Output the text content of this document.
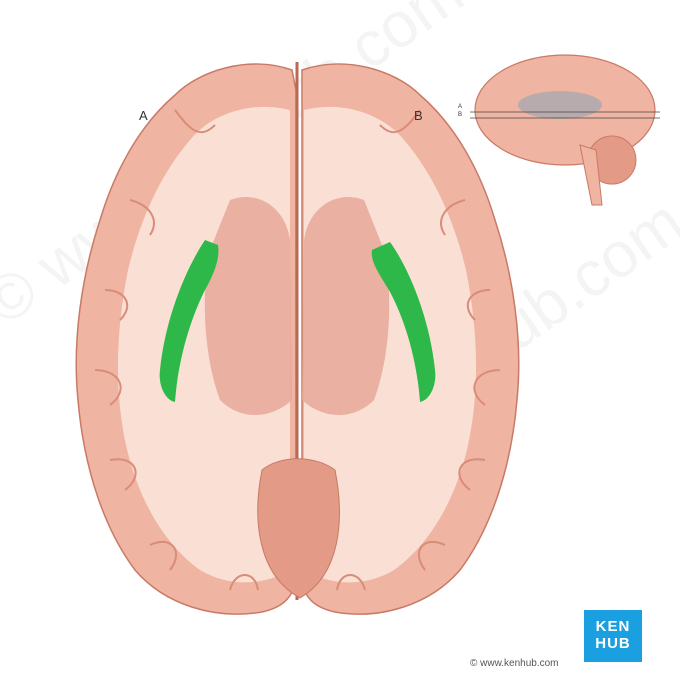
A	B
A
B
KEN
HUB
© www.kenhub.com
